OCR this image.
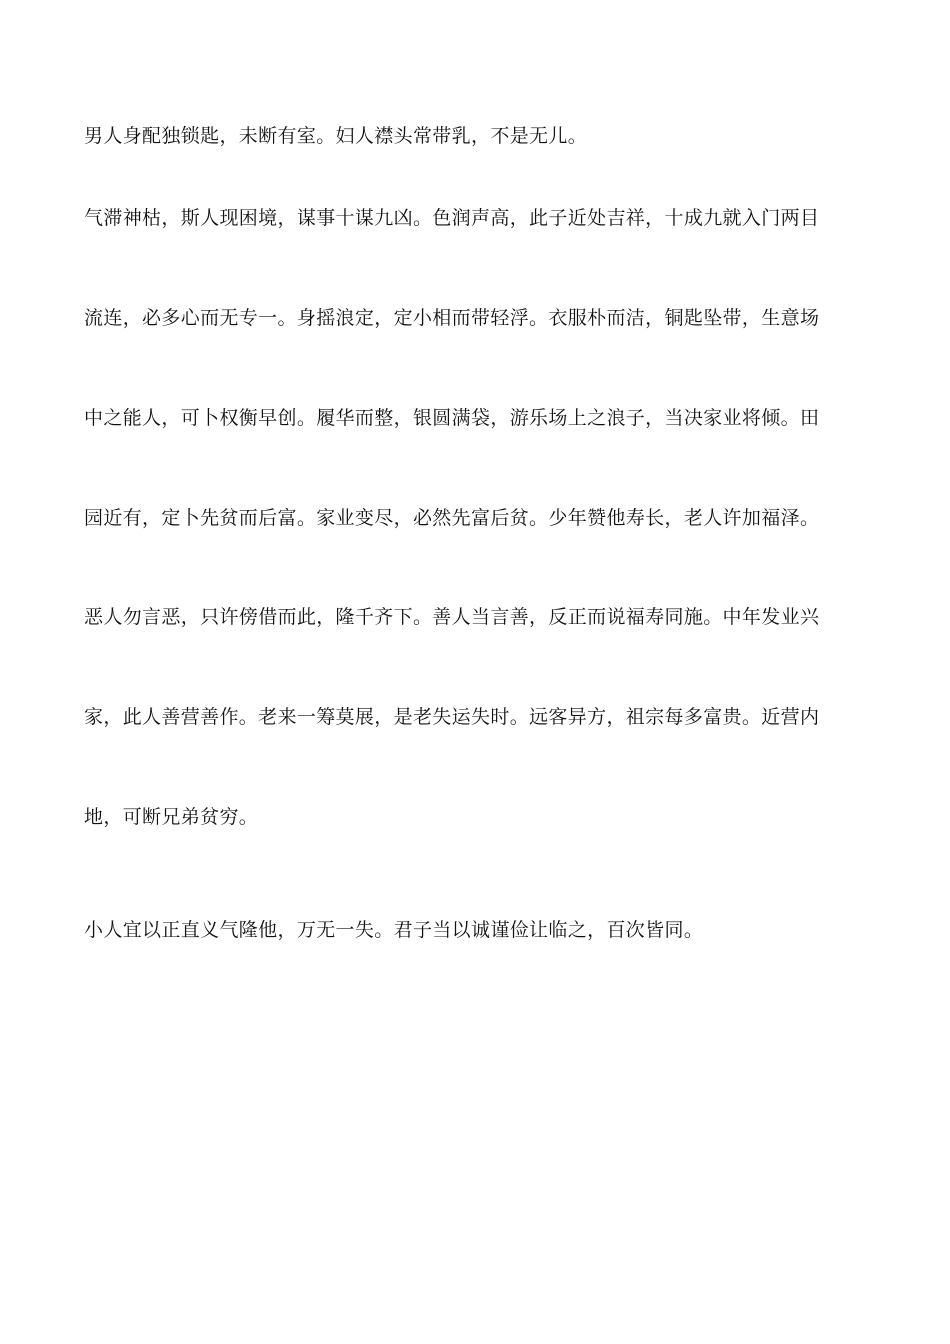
男人身配独锁匙，未断有室。妇人襟头常带乳，不是无儿。
气滞神枯，斯人现困境，谋事十谋九凶。色润声高，此子近处吉祥，十成九就入门两目
流连，必多心而无专一。身摇浪定，定小相而带轻浮。衣服朴而洁，铜匙坠带，生意场
中之能人，可卜权衡早创。履华而整，银圆满袋，游乐场上之浪子，当决家业将倾。田
园近有，定卜先贫而后富。家业变尽，必然先富后贫。少年赞他寿长，老人许加福泽。
恶人勿言恶，只许傍借而此，隆千齐下。善人当言善，反正而说福寿同施。中年发业兴
家，此人善营善作。老来一筹莫展，是老失运失时。远客异方，祖宗每多富贵。近营内
地，可断兄弟贫穷。
小人宜以正直义气隆他，万无一失。君子当以诚谨俭让临之，百次皆同。
